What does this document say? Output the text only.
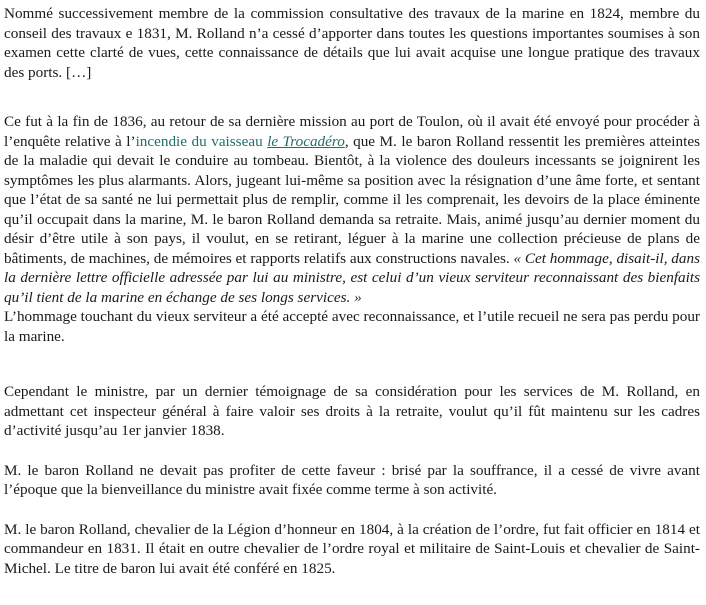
Nommé successivement membre de la commission consultative des travaux de la marine en 1824, membre du conseil des travaux e 1831, M. Rolland n’a cessé d’apporter dans toutes les questions importantes soumises à son examen cette clarté de vues, cette connaissance de détails que lui avait acquise une longue pratique des travaux des ports. […]

Ce fut à la fin de 1836, au retour de sa dernière mission au port de Toulon, où il avait été envoyé pour procéder à l’enquête relative à l’incendie du vaisseau le Trocadéro, que M. le baron Rolland ressentit les premières atteintes de la maladie qui devait le conduire au tombeau. Bientôt, à la violence des douleurs incessants se joignirent les symptômes les plus alarmants. Alors, jugeant lui-même sa position avec la résignation d’une âme forte, et sentant que l’état de sa santé ne lui permettait plus de remplir, comme il les comprenait, les devoirs de la place éminente qu’il occupait dans la marine, M. le baron Rolland demanda sa retraite. Mais, animé jusqu’au dernier moment du désir d’être utile à son pays, il voulut, en se retirant, léguer à la marine une collection précieuse de plans de bâtiments, de machines, de mémoires et rapports relatifs aux constructions navales. « Cet hommage, disait-il, dans la dernière lettre officielle adressée par lui au ministre, est celui d’un vieux serviteur reconnaissant des bienfaits qu’il tient de la marine en échange de ses longs services. »

L’hommage touchant du vieux serviteur a été accepté avec reconnaissance, et l’utile recueil ne sera pas perdu pour la marine.

Cependant le ministre, par un dernier témoignage de sa considération pour les services de M. Rolland, en admettant cet inspecteur général à faire valoir ses droits à la retraite, voulut qu’il fût maintenu sur les cadres d’activité jusqu’au 1er janvier 1838.

M. le baron Rolland ne devait pas profiter de cette faveur : brisé par la souffrance, il a cessé de vivre avant l’époque que la bienveillance du ministre avait fixée comme terme à son activité.

M. le baron Rolland, chevalier de la Légion d’honneur en 1804, à la création de l’ordre, fut fait officier en 1814 et commandeur en 1831. Il était en outre chevalier de l’ordre royal et militaire de Saint-Louis et chevalier de Saint-Michel. Le titre de baron lui avait été conféré en 1825.
